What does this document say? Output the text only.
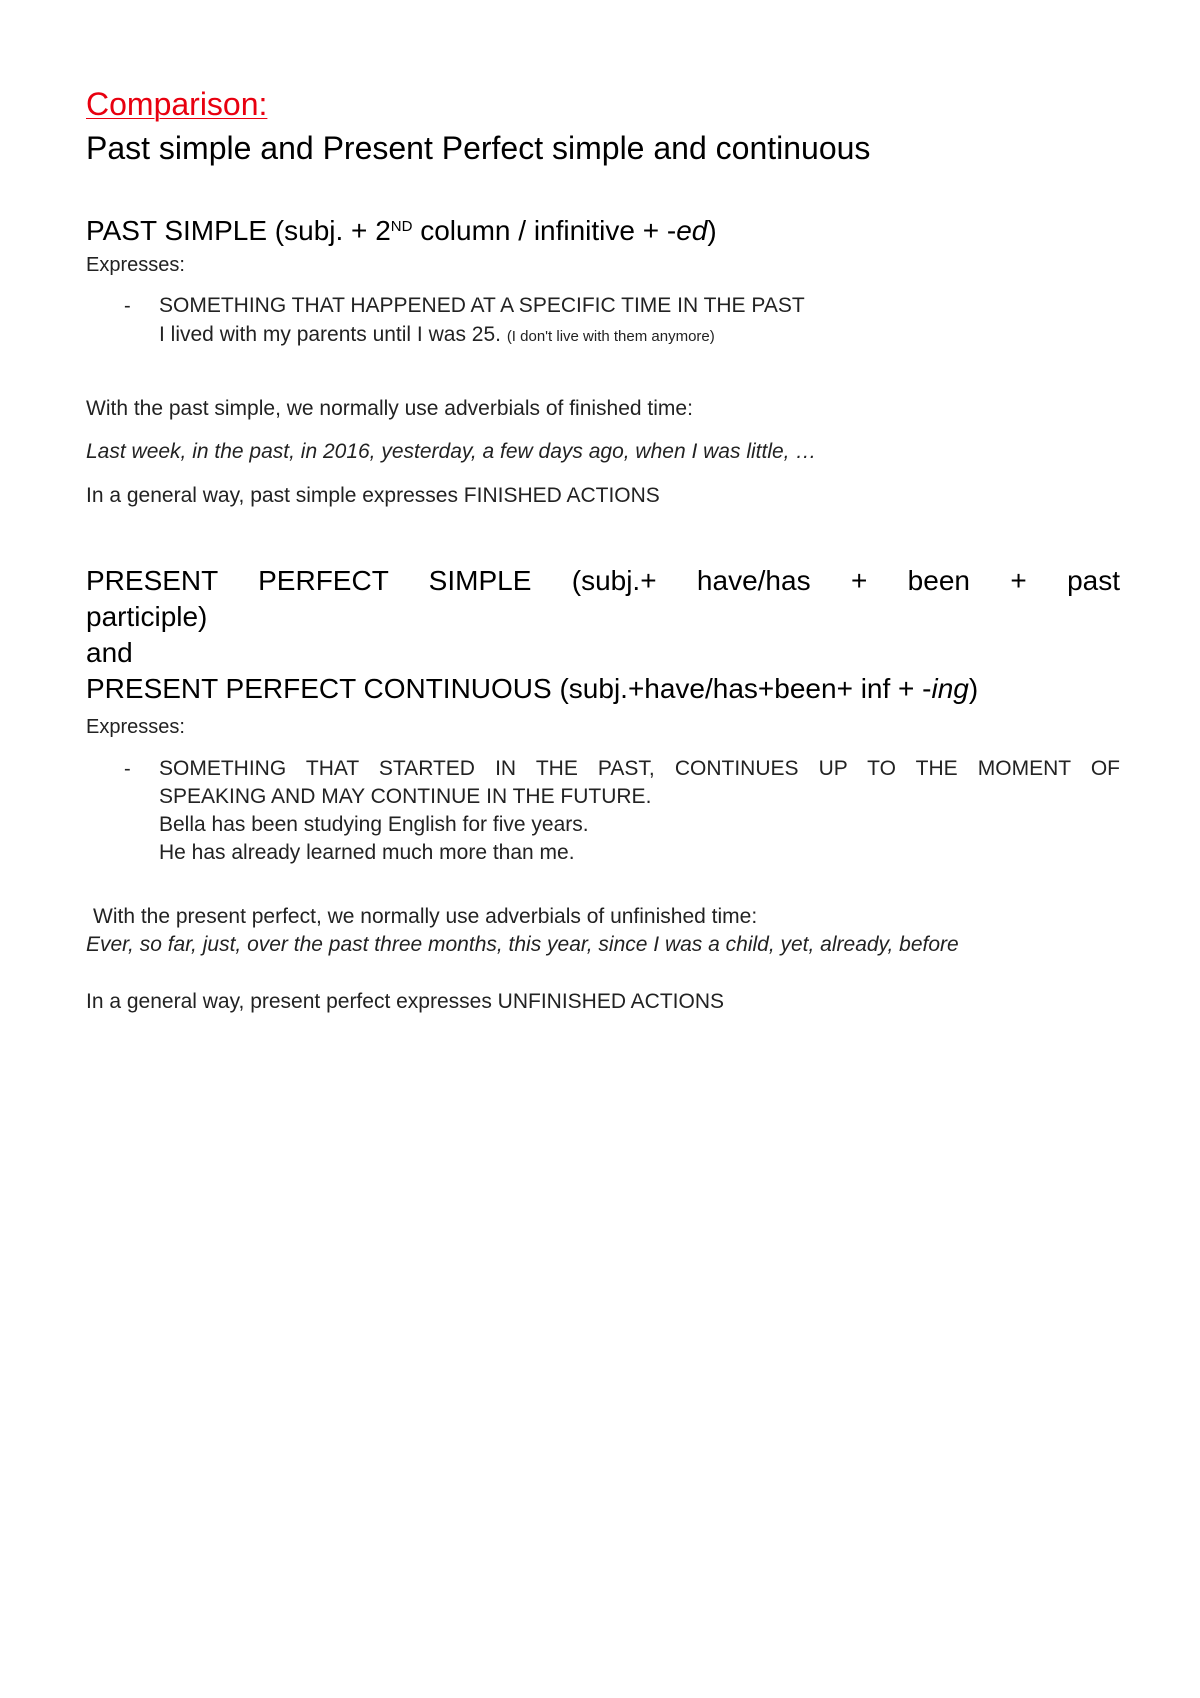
Comparison:
Past simple and Present Perfect simple and continuous
PAST SIMPLE (subj. + 2ND column / infinitive + -ed)
Expresses:
- SOMETHING THAT HAPPENED AT A SPECIFIC TIME IN THE PAST
I lived with my parents until I was 25. (I don't live with them anymore)
With the past simple, we normally use adverbials of finished time:
Last week, in the past, in 2016, yesterday, a few days ago, when I was little, …
In a general way, past simple expresses FINISHED ACTIONS
PRESENT PERFECT SIMPLE (subj.+ have/has + been + past
participle)
and
PRESENT PERFECT CONTINUOUS (subj.+have/has+been+ inf + -ing)
Expresses:
- SOMETHING THAT STARTED IN THE PAST, CONTINUES UP TO THE MOMENT OF
SPEAKING AND MAY CONTINUE IN THE FUTURE.
Bella has been studying English for five years.
He has already learned much more than me.
With the present perfect, we normally use adverbials of unfinished time:
Ever, so far, just, over the past three months, this year, since I was a child, yet, already, before
In a general way, present perfect expresses UNFINISHED ACTIONS
